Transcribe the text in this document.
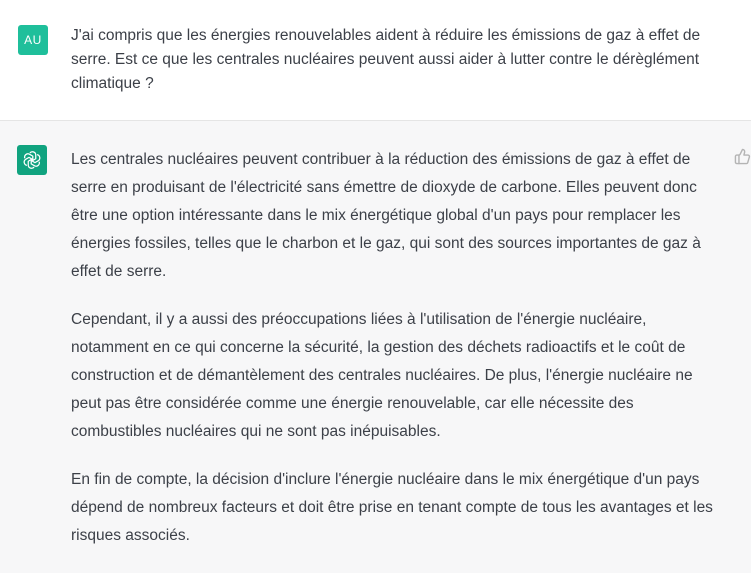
AU	J'ai compris que les énergies renouvelables aident à réduire les émissions de gaz à effet de serre. Est ce que les centrales nucléaires peuvent aussi aider à lutter contre le dérèglément climatique ?

Les centrales nucléaires peuvent contribuer à la réduction des émissions de gaz à effet de serre en produisant de l'électricité sans émettre de dioxyde de carbone. Elles peuvent donc être une option intéressante dans le mix énergétique global d'un pays pour remplacer les énergies fossiles, telles que le charbon et le gaz, qui sont des sources importantes de gaz à effet de serre.

Cependant, il y a aussi des préoccupations liées à l'utilisation de l'énergie nucléaire, notamment en ce qui concerne la sécurité, la gestion des déchets radioactifs et le coût de construction et de démantèlement des centrales nucléaires. De plus, l'énergie nucléaire ne peut pas être considérée comme une énergie renouvelable, car elle nécessite des combustibles nucléaires qui ne sont pas inépuisables.

En fin de compte, la décision d'inclure l'énergie nucléaire dans le mix énergétique d'un pays dépend de nombreux facteurs et doit être prise en tenant compte de tous les avantages et les risques associés.
